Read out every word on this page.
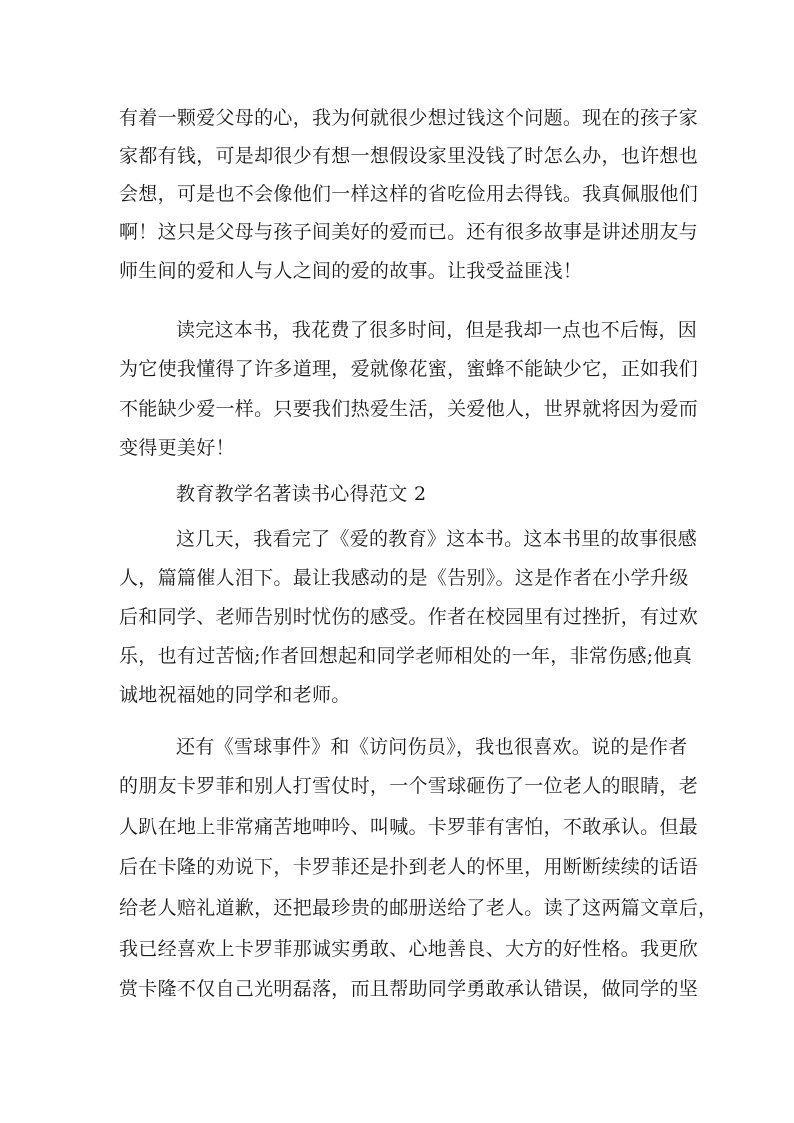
有着一颗爱父母的心，我为何就很少想过钱这个问题。现在的孩子家
家都有钱，可是却很少有想一想假设家里没钱了时怎么办，也许想也
会想，可是也不会像他们一样这样的省吃俭用去得钱。我真佩服他们
啊！这只是父母与孩子间美好的爱而已。还有很多故事是讲述朋友与
师生间的爱和人与人之间的爱的故事。让我受益匪浅！
读完这本书，我花费了很多时间，但是我却一点也不后悔，因
为它使我懂得了许多道理，爱就像花蜜，蜜蜂不能缺少它，正如我们
不能缺少爱一样。只要我们热爱生活，关爱他人，世界就将因为爱而
变得更美好！
教育教学名著读书心得范文 2
这几天，我看完了《爱的教育》这本书。这本书里的故事很感
人，篇篇催人泪下。最让我感动的是《告别》。这是作者在小学升级
后和同学、老师告别时忧伤的感受。作者在校园里有过挫折，有过欢
乐，也有过苦恼;作者回想起和同学老师相处的一年，非常伤感;他真
诚地祝福她的同学和老师。
还有《雪球事件》和《访问伤员》，我也很喜欢。说的是作者
的朋友卡罗菲和别人打雪仗时，一个雪球砸伤了一位老人的眼睛，老
人趴在地上非常痛苦地呻吟、叫喊。卡罗菲有害怕，不敢承认。但最
后在卡隆的劝说下，卡罗菲还是扑到老人的怀里，用断断续续的话语
给老人赔礼道歉，还把最珍贵的邮册送给了老人。读了这两篇文章后，
我已经喜欢上卡罗菲那诚实勇敢、心地善良、大方的好性格。我更欣
赏卡隆不仅自己光明磊落，而且帮助同学勇敢承认错误，做同学的坚
